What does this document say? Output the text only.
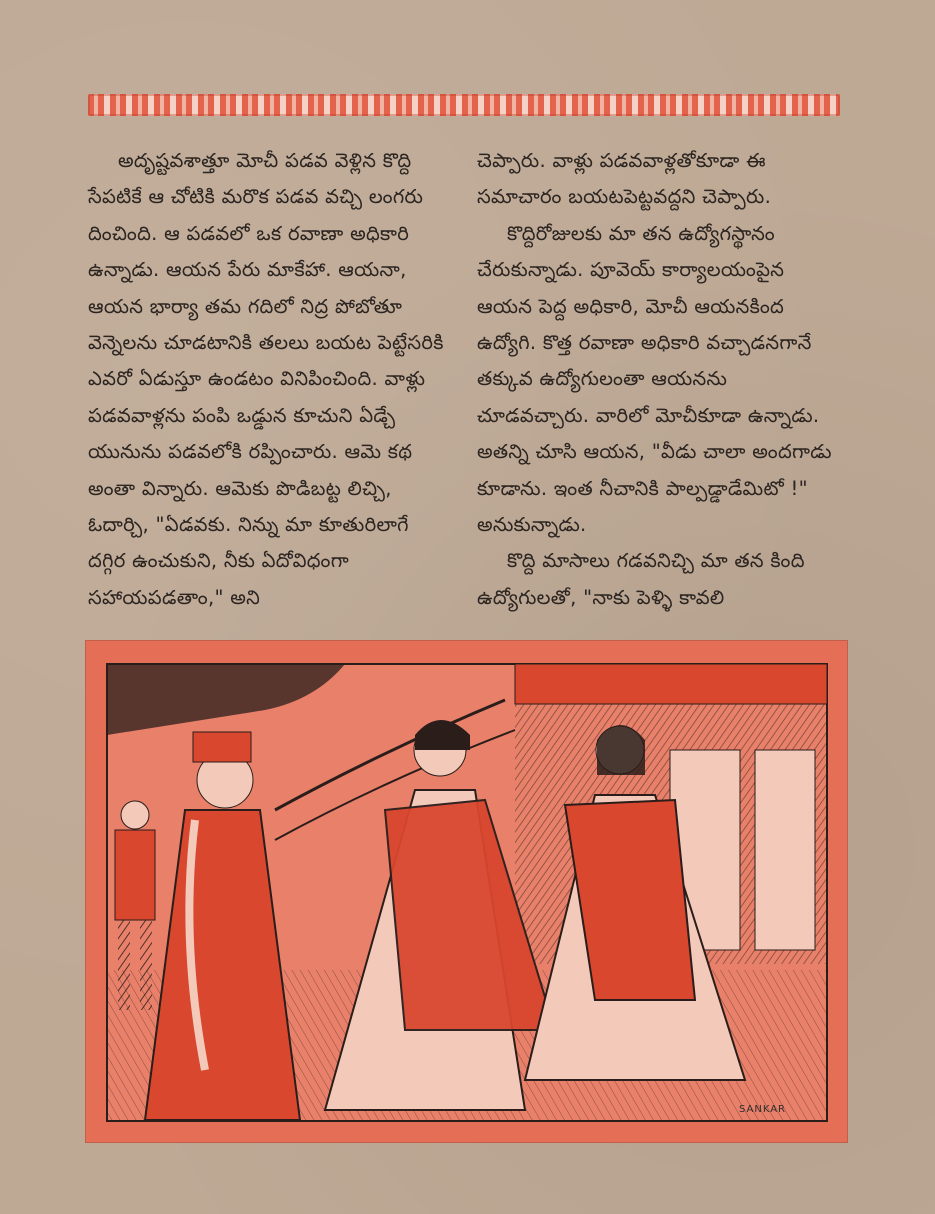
అదృష్టవశాత్తూ మోచీ పడవ వెళ్లిన కొద్ది సేపటికే ఆ చోటికి మరొక పడవ వచ్చి లంగరు దించింది. ఆ పడవలో ఒక రవాణా అధికారి ఉన్నాడు. ఆయన పేరు మాకేహా. ఆయనా, ఆయన భార్యా తమ గదిలో నిద్ర పోబోతూ వెన్నెలను చూడటానికి తలలు బయట పెట్టేసరికి ఎవరో ఏడుస్తూ ఉండటం వినిపించింది. వాళ్లు పడవవాళ్లను పంపి ఒడ్డున కూచుని ఏడ్చే యునును పడవలోకి రప్పించారు. ఆమె కథ అంతా విన్నారు. ఆమెకు పొడిబట్ట లిచ్చి, ఓదార్చి, "ఏడవకు. నిన్ను మా కూతురిలాగే దగ్గిర ఉంచుకుని, నీకు ఏదోవిధంగా సహాయపడతాం," అని

చెప్పారు. వాళ్లు పడవవాళ్లతోకూడా ఈ సమాచారం బయటపెట్టవద్దని చెప్పారు.

కొద్దిరోజులకు మా తన ఉద్యోగస్థానం చేరుకున్నాడు. పూవెయ్ కార్యాలయంపైన ఆయన పెద్ద అధికారి, మోచీ ఆయనకింద ఉద్యోగి. కొత్త రవాణా అధికారి వచ్చాడనగానే తక్కువ ఉద్యోగులంతా ఆయనను చూడవచ్చారు. వారిలో మోచీకూడా ఉన్నాడు. అతన్ని చూసి ఆయన, "వీడు చాలా అందగాడు కూడాను. ఇంత నీచానికి పాల్పడ్డాడేమిటో !" అనుకున్నాడు.

కొద్ది మాసాలు గడవనిచ్చి మా తన కింది ఉద్యోగులతో, "నాకు పెళ్ళి కావలి

SANKAR
